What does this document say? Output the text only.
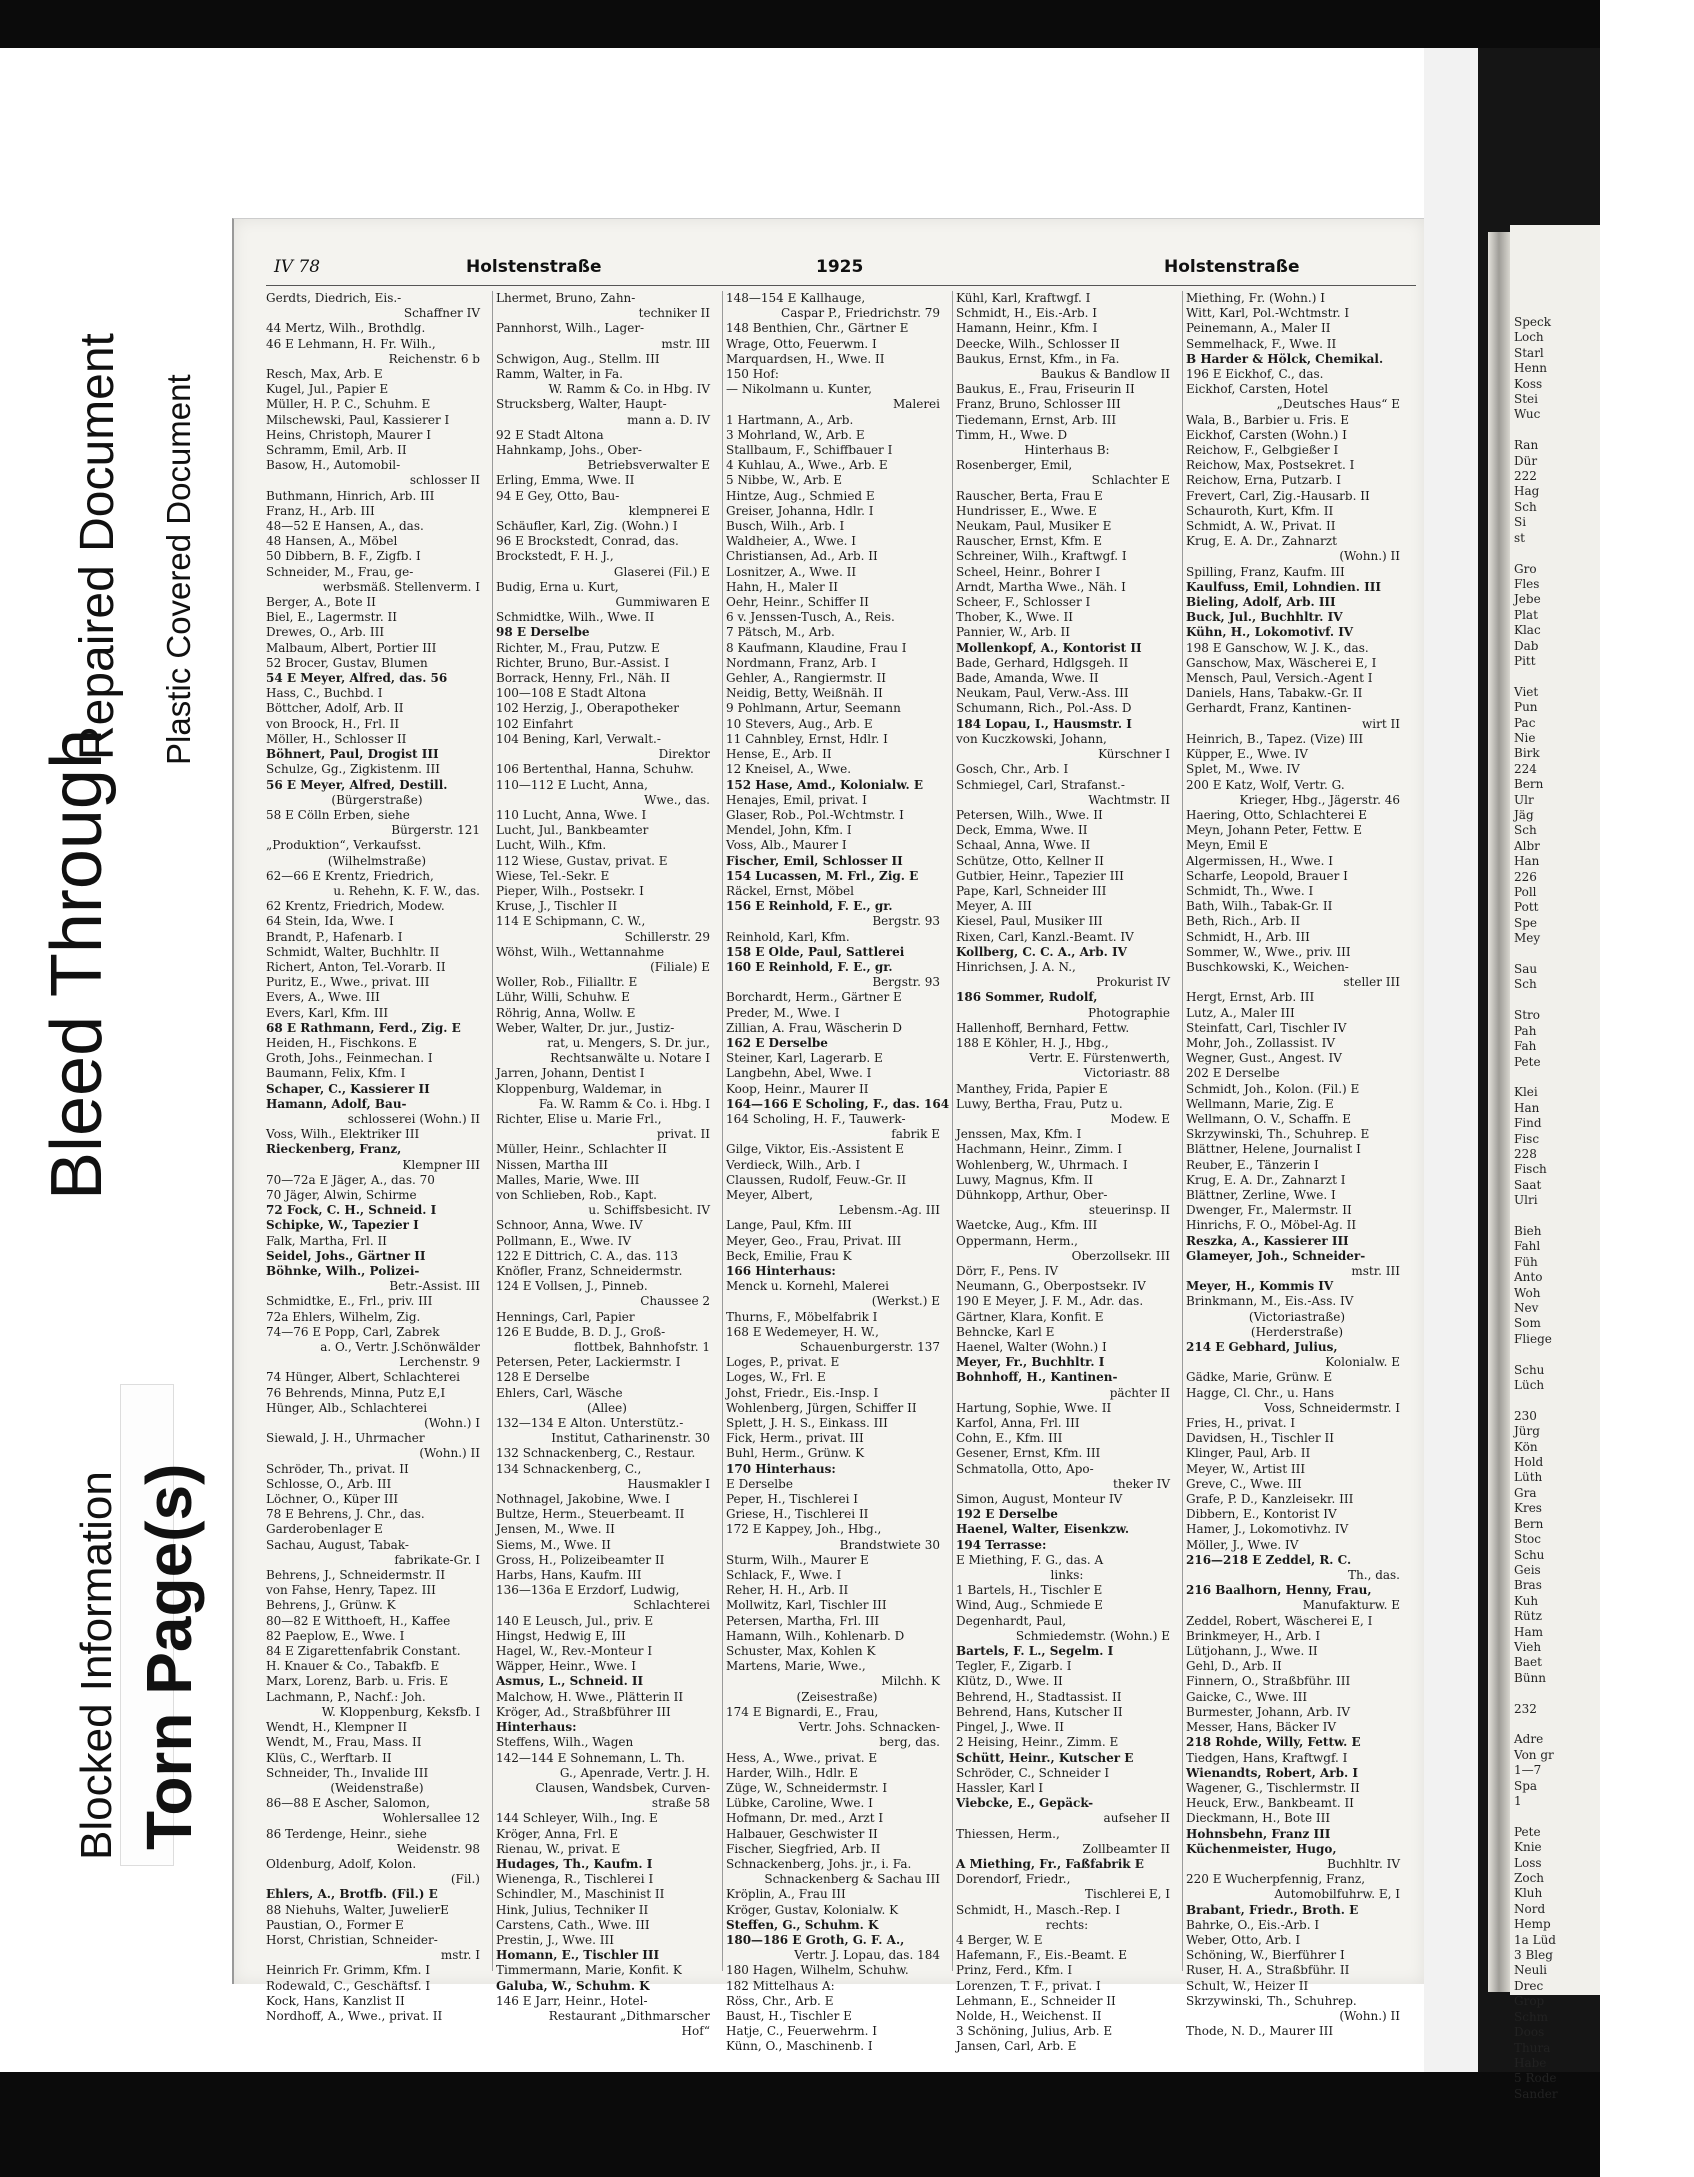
Plastic Covered Document
Repaired Document
Bleed Through
Blocked Information Torn Page(s)
IV 78	Holstenstraße	1925	Holstenstraße
Gerdts, Diedrich, Eis.-
Schaffner IV
44 Mertz, Wilh., Brothdlg.
46 E Lehmann, H. Fr. Wilh.,
Reichenstr. 6 b
Resch, Max, Arb. E
Kugel, Jul., Papier E
Müller, H. P. C., Schuhm. E
Milschewski, Paul, Kassierer I
Heins, Christoph, Maurer I
Schramm, Emil, Arb. II
Basow, H., Automobil-
schlosser II
Buthmann, Hinrich, Arb. III
Franz, H., Arb. III
48—52 E Hansen, A., das.
48 Hansen, A., Möbel
50 Dibbern, B. F., Zigfb. I
Schneider, M., Frau, ge-
werbsmäß. Stellenverm. I
Berger, A., Bote II
Biel, E., Lagermstr. II
Drewes, O., Arb. III
Malbaum, Albert, Portier III
52 Brocer, Gustav, Blumen
54 E Meyer, Alfred, das. 56
Hass, C., Buchbd. I
Böttcher, Adolf, Arb. II
von Broock, H., Frl. II
Möller, H., Schlosser II
Böhnert, Paul, Drogist III
Schulze, Gg., Zigkistenm. III
56 E Meyer, Alfred, Destill.
(Bürgerstraße)
58 E Cölln Erben, siehe
Bürgerstr. 121
„Produktion“, Verkaufsst.
(Wilhelmstraße)
62—66 E Krentz, Friedrich,
u. Rehehn, K. F. W., das.
62 Krentz, Friedrich, Modew.
64 Stein, Ida, Wwe. I
Brandt, P., Hafenarb. I
Schmidt, Walter, Buchhltr. II
Richert, Anton, Tel.-Vorarb. II
Puritz, E., Wwe., privat. III
Evers, A., Wwe. III
Evers, Karl, Kfm. III
68 E Rathmann, Ferd., Zig. E
Heiden, H., Fischkons. E
Groth, Johs., Feinmechan. I
Baumann, Felix, Kfm. I
Schaper, C., Kassierer II
Hamann, Adolf, Bau-
schlosserei (Wohn.) II
Voss, Wilh., Elektriker III
Rieckenberg, Franz,
Klempner III
70—72a E Jäger, A., das. 70
70 Jäger, Alwin, Schirme
72 Fock, C. H., Schneid. I
Schipke, W., Tapezier I
Falk, Martha, Frl. II
Seidel, Johs., Gärtner II
Böhnke, Wilh., Polizei-
Betr.-Assist. III
Schmidtke, E., Frl., priv. III
72a Ehlers, Wilhelm, Zig.
74—76 E Popp, Carl, Zabrek
a. O., Vertr. J.Schönwälder
Lerchenstr. 9
74 Hünger, Albert, Schlachterei
76 Behrends, Minna, Putz E,I
Hünger, Alb., Schlachterei
(Wohn.) I
Siewald, J. H., Uhrmacher
(Wohn.) II
Schröder, Th., privat. II
Schlosse, O., Arb. III
Löchner, O., Küper III
78 E Behrens, J. Chr., das.
Garderobenlager E
Sachau, August, Tabak-
fabrikate-Gr. I
Behrens, J., Schneidermstr. II
von Fahse, Henry, Tapez. III
Behrens, J., Grünw. K
80—82 E Witthoeft, H., Kaffee
82 Paeplow, E., Wwe. I
84 E Zigarettenfabrik Constant.
H. Knauer & Co., Tabakfb. E
Marx, Lorenz, Barb. u. Fris. E
Lachmann, P., Nachf.: Joh.
W. Kloppenburg, Keksfb. I
Wendt, H., Klempner II
Wendt, M., Frau, Mass. II
Klüs, C., Werftarb. II
Schneider, Th., Invalide III
(Weidenstraße)
86—88 E Ascher, Salomon,
Wohlersallee 12
86 Terdenge, Heinr., siehe
Weidenstr. 98
Oldenburg, Adolf, Kolon.
(Fil.)
Ehlers, A., Brotfb. (Fil.) E
88 Niehuhs, Walter, JuwelierE
Paustian, O., Former E
Horst, Christian, Schneider-
mstr. I
Heinrich Fr. Grimm, Kfm. I
Rodewald, C., Geschäftsf. I
Kock, Hans, Kanzlist II
Nordhoff, A., Wwe., privat. II
Lhermet, Bruno, Zahn-
techniker II
Pannhorst, Wilh., Lager-
mstr. III
Schwigon, Aug., Stellm. III
Ramm, Walter, in Fa.
W. Ramm & Co. in Hbg. IV
Strucksberg, Walter, Haupt-
mann a. D. IV
92 E Stadt Altona
Hahnkamp, Johs., Ober-
Betriebsverwalter E
Erling, Emma, Wwe. II
94 E Gey, Otto, Bau-
klempnerei E
Schäufler, Karl, Zig. (Wohn.) I
96 E Brockstedt, Conrad, das.
Brockstedt, F. H. J.,
Glaserei (Fil.) E
Budig, Erna u. Kurt,
Gummiwaren E
Schmidtke, Wilh., Wwe. II
98 E Derselbe
Richter, M., Frau, Putzw. E
Richter, Bruno, Bur.-Assist. I
Borrack, Henny, Frl., Näh. II
100—108 E Stadt Altona
102 Herzig, J., Oberapotheker
102 Einfahrt
104 Bening, Karl, Verwalt.-
Direktor
106 Bertenthal, Hanna, Schuhw.
110—112 E Lucht, Anna,
Wwe., das.
110 Lucht, Anna, Wwe. I
Lucht, Jul., Bankbeamter
Lucht, Wilh., Kfm.
112 Wiese, Gustav, privat. E
Wiese, Tel.-Sekr. E
Pieper, Wilh., Postsekr. I
Kruse, J., Tischler II
114 E Schipmann, C. W.,
Schillerstr. 29
Wöhst, Wilh., Wettannahme
(Filiale) E
Woller, Rob., Filialltr. E
Lühr, Willi, Schuhw. E
Röhrig, Anna, Wollw. E
Weber, Walter, Dr. jur., Justiz-
rat, u. Mengers, S. Dr. jur.,
Rechtsanwälte u. Notare I
Jarren, Johann, Dentist I
Kloppenburg, Waldemar, in
Fa. W. Ramm & Co. i. Hbg. I
Richter, Elise u. Marie Frl.,
privat. II
Müller, Heinr., Schlachter II
Nissen, Martha III
Malles, Marie, Wwe. III
von Schlieben, Rob., Kapt.
u. Schiffsbesicht. IV
Schnoor, Anna, Wwe. IV
Pollmann, E., Wwe. IV
122 E Dittrich, C. A., das. 113
Knöfler, Franz, Schneidermstr.
124 E Vollsen, J., Pinneb.
Chaussee 2
Hennings, Carl, Papier
126 E Budde, B. D. J., Groß-
flottbek, Bahnhofstr. 1
Petersen, Peter, Lackiermstr. I
128 E Derselbe
Ehlers, Carl, Wäsche
(Allee)
132—134 E Alton. Unterstütz.-
Institut, Catharinenstr. 30
132 Schnackenberg, C., Restaur.
134 Schnackenberg, C.,
Hausmakler I
Nothnagel, Jakobine, Wwe. I
Bultze, Herm., Steuerbeamt. II
Jensen, M., Wwe. II
Siems, M., Wwe. II
Gross, H., Polizeibeamter II
Harbs, Hans, Kaufm. III
136—136a E Erzdorf, Ludwig,
Schlachterei
140 E Leusch, Jul., priv. E
Hingst, Hedwig E, III
Hagel, W., Rev.-Monteur I
Wäpper, Heinr., Wwe. I
Asmus, L., Schneid. II
Malchow, H. Wwe., Plätterin II
Kröger, Ad., Straßbführer III
Hinterhaus:
Steffens, Wilh., Wagen
142—144 E Sohnemann, L. Th.
G., Apenrade, Vertr. J. H.
Clausen, Wandsbek, Curven-
straße 58
144 Schleyer, Wilh., Ing. E
Kröger, Anna, Frl. E
Rienau, W., privat. E
Hudages, Th., Kaufm. I
Wienenga, R., Tischlerei I
Schindler, M., Maschinist II
Hink, Julius, Techniker II
Carstens, Cath., Wwe. III
Prestin, J., Wwe. III
Homann, E., Tischler III
Timmermann, Marie, Konfit. K
Galuba, W., Schuhm. K
146 E Jarr, Heinr., Hotel-
Restaurant „Dithmarscher
Hof“
148—154 E Kallhauge,
Caspar P., Friedrichstr. 79
148 Benthien, Chr., Gärtner E
Wrage, Otto, Feuerwm. I
Marquardsen, H., Wwe. II
150 Hof:
— Nikolmann u. Kunter,
Malerei
1 Hartmann, A., Arb.
3 Mohrland, W., Arb. E
Stallbaum, F., Schiffbauer I
4 Kuhlau, A., Wwe., Arb. E
5 Nibbe, W., Arb. E
Hintze, Aug., Schmied E
Greiser, Johanna, Hdlr. I
Busch, Wilh., Arb. I
Waldheier, A., Wwe. I
Christiansen, Ad., Arb. II
Losnitzer, A., Wwe. II
Hahn, H., Maler II
Oehr, Heinr., Schiffer II
6 v. Jenssen-Tusch, A., Reis.
7 Pätsch, M., Arb.
8 Kaufmann, Klaudine, Frau I
Nordmann, Franz, Arb. I
Gehler, A., Rangiermstr. II
Neidig, Betty, Weißnäh. II
9 Pohlmann, Artur, Seemann
10 Stevers, Aug., Arb. E
11 Cahnbley, Ernst, Hdlr. I
Hense, E., Arb. II
12 Kneisel, A., Wwe.
152 Hase, Amd., Kolonialw. E
Henajes, Emil, privat. I
Glaser, Rob., Pol.-Wchtmstr. I
Mendel, John, Kfm. I
Voss, Alb., Maurer I
Fischer, Emil, Schlosser II
154 Lucassen, M. Frl., Zig. E
Räckel, Ernst, Möbel
156 E Reinhold, F. E., gr.
Bergstr. 93
Reinhold, Karl, Kfm.
158 E Olde, Paul, Sattlerei
160 E Reinhold, F. E., gr.
Bergstr. 93
Borchardt, Herm., Gärtner E
Preder, M., Wwe. I
Zillian, A. Frau, Wäscherin D
162 E Derselbe
Steiner, Karl, Lagerarb. E
Langbehn, Abel, Wwe. I
Koop, Heinr., Maurer II
164—166 E Scholing, F., das. 164
164 Scholing, H. F., Tauwerk-
fabrik E
Gilge, Viktor, Eis.-Assistent E
Verdieck, Wilh., Arb. I
Claussen, Rudolf, Feuw.-Gr. II
Meyer, Albert,
Lebensm.-Ag. III
Lange, Paul, Kfm. III
Meyer, Geo., Frau, Privat. III
Beck, Emilie, Frau K
166 Hinterhaus:
Menck u. Kornehl, Malerei
(Werkst.) E
Thurns, F., Möbelfabrik I
168 E Wedemeyer, H. W.,
Schauenburgerstr. 137
Loges, P., privat. E
Loges, W., Frl. E
Johst, Friedr., Eis.-Insp. I
Wohlenberg, Jürgen, Schiffer II
Splett, J. H. S., Einkass. III
Fick, Herm., privat. III
Buhl, Herm., Grünw. K
170 Hinterhaus:
E Derselbe
Peper, H., Tischlerei I
Griese, H., Tischlerei II
172 E Kappey, Joh., Hbg.,
Brandstwiete 30
Sturm, Wilh., Maurer E
Schlack, F., Wwe. I
Reher, H. H., Arb. II
Mollwitz, Karl, Tischler III
Petersen, Martha, Frl. III
Hamann, Wilh., Kohlenarb. D
Schuster, Max, Kohlen K
Martens, Marie, Wwe.,
Milchh. K
(Zeisestraße)
174 E Bignardi, E., Frau,
Vertr. Johs. Schnacken-
berg, das.
Hess, A., Wwe., privat. E
Harder, Wilh., Hdlr. E
Züge, W., Schneidermstr. I
Lübke, Caroline, Wwe. I
Hofmann, Dr. med., Arzt I
Halbauer, Geschwister II
Fischer, Siegfried, Arb. II
Schnackenberg, Johs. jr., i. Fa.
Schnackenberg & Sachau III
Kröplin, A., Frau III
Kröger, Gustav, Kolonialw. K
Steffen, G., Schuhm. K
180—186 E Groth, G. F. A.,
Vertr. J. Lopau, das. 184
180 Hagen, Wilhelm, Schuhw.
182 Mittelhaus A:
Röss, Chr., Arb. E
Baust, H., Tischler E
Hatje, C., Feuerwehrm. I
Künn, O., Maschinenb. I
Kühl, Karl, Kraftwgf. I
Schmidt, H., Eis.-Arb. I
Hamann, Heinr., Kfm. I
Deecke, Wilh., Schlosser II
Baukus, Ernst, Kfm., in Fa.
Baukus & Bandlow II
Baukus, E., Frau, Friseurin II
Franz, Bruno, Schlosser III
Tiedemann, Ernst, Arb. III
Timm, H., Wwe. D
Hinterhaus B:
Rosenberger, Emil,
Schlachter E
Rauscher, Berta, Frau E
Hundrisser, E., Wwe. E
Neukam, Paul, Musiker E
Rauscher, Ernst, Kfm. E
Schreiner, Wilh., Kraftwgf. I
Scheel, Heinr., Bohrer I
Arndt, Martha Wwe., Näh. I
Scheer, F., Schlosser I
Thober, K., Wwe. II
Pannier, W., Arb. II
Mollenkopf, A., Kontorist II
Bade, Gerhard, Hdlgsgeh. II
Bade, Amanda, Wwe. II
Neukam, Paul, Verw.-Ass. III
Schumann, Rich., Pol.-Ass. D
184 Lopau, I., Hausmstr. I
von Kuczkowski, Johann,
Kürschner I
Gosch, Chr., Arb. I
Schmiegel, Carl, Strafanst.-
Wachtmstr. II
Petersen, Wilh., Wwe. II
Deck, Emma, Wwe. II
Schaal, Anna, Wwe. II
Schütze, Otto, Kellner II
Gutbier, Heinr., Tapezier III
Pape, Karl, Schneider III
Meyer, A. III
Kiesel, Paul, Musiker III
Rixen, Carl, Kanzl.-Beamt. IV
Kollberg, C. C. A., Arb. IV
Hinrichsen, J. A. N.,
Prokurist IV
186 Sommer, Rudolf,
Photographie
Hallenhoff, Bernhard, Fettw.
188 E Köhler, H. J., Hbg.,
Vertr. E. Fürstenwerth,
Victoriastr. 88
Manthey, Frida, Papier E
Luwy, Bertha, Frau, Putz u.
Modew. E
Jenssen, Max, Kfm. I
Hachmann, Heinr., Zimm. I
Wohlenberg, W., Uhrmach. I
Luwy, Magnus, Kfm. II
Dühnkopp, Arthur, Ober-
steuerinsp. II
Waetcke, Aug., Kfm. III
Oppermann, Herm.,
Oberzollsekr. III
Dörr, F., Pens. IV
Neumann, G., Oberpostsekr. IV
190 E Meyer, J. F. M., Adr. das.
Gärtner, Klara, Konfit. E
Behncke, Karl E
Haenel, Walter (Wohn.) I
Meyer, Fr., Buchhltr. I
Bohnhoff, H., Kantinen-
pächter II
Hartung, Sophie, Wwe. II
Karfol, Anna, Frl. III
Cohn, E., Kfm. III
Gesener, Ernst, Kfm. III
Schmatolla, Otto, Apo-
theker IV
Simon, August, Monteur IV
192 E Derselbe
Haenel, Walter, Eisenkzw.
194 Terrasse:
E Miething, F. G., das. A
links:
1 Bartels, H., Tischler E
Wind, Aug., Schmiede E
Degenhardt, Paul,
Schmiedemstr. (Wohn.) E
Bartels, F. L., Segelm. I
Tegler, F., Zigarb. I
Klütz, D., Wwe. II
Behrend, H., Stadtassist. II
Behrend, Hans, Kutscher II
Pingel, J., Wwe. II
2 Heising, Heinr., Zimm. E
Schütt, Heinr., Kutscher E
Schröder, C., Schneider I
Hassler, Karl I
Viebcke, E., Gepäck-
aufseher II
Thiessen, Herm.,
Zollbeamter II
A Miething, Fr., Faßfabrik E
Dorendorf, Friedr.,
Tischlerei E, I
Schmidt, H., Masch.-Rep. I
rechts:
4 Berger, W. E
Hafemann, F., Eis.-Beamt. E
Prinz, Ferd., Kfm. I
Lorenzen, T. F., privat. I
Lehmann, E., Schneider II
Nolde, H., Weichenst. II
3 Schöning, Julius, Arb. E
Jansen, Carl, Arb. E
Miething, Fr. (Wohn.) I
Witt, Karl, Pol.-Wchtmstr. I
Peinemann, A., Maler II
Semmelhack, F., Wwe. II
B Harder & Hölck, Chemikal.
196 E Eickhof, C., das.
Eickhof, Carsten, Hotel
„Deutsches Haus“ E
Wala, B., Barbier u. Fris. E
Eickhof, Carsten (Wohn.) I
Reichow, F., Gelbgießer I
Reichow, Max, Postsekret. I
Reichow, Erna, Putzarb. I
Frevert, Carl, Zig.-Hausarb. II
Schauroth, Kurt, Kfm. II
Schmidt, A. W., Privat. II
Krug, E. A. Dr., Zahnarzt
(Wohn.) II
Spilling, Franz, Kaufm. III
Kaulfuss, Emil, Lohndien. III
Bieling, Adolf, Arb. III
Buck, Jul., Buchhltr. IV
Kühn, H., Lokomotivf. IV
198 E Ganschow, W. J. K., das.
Ganschow, Max, Wäscherei E, I
Mensch, Paul, Versich.-Agent I
Daniels, Hans, Tabakw.-Gr. II
Gerhardt, Franz, Kantinen-
wirt II
Heinrich, B., Tapez. (Vize) III
Küpper, E., Wwe. IV
Splet, M., Wwe. IV
200 E Katz, Wolf, Vertr. G.
Krieger, Hbg., Jägerstr. 46
Haering, Otto, Schlachterei E
Meyn, Johann Peter, Fettw. E
Meyn, Emil E
Algermissen, H., Wwe. I
Scharfe, Leopold, Brauer I
Schmidt, Th., Wwe. I
Bath, Wilh., Tabak-Gr. II
Beth, Rich., Arb. II
Schmidt, H., Arb. III
Sommer, W., Wwe., priv. III
Buschkowski, K., Weichen-
steller III
Hergt, Ernst, Arb. III
Lutz, A., Maler III
Steinfatt, Carl, Tischler IV
Mohr, Joh., Zollassist. IV
Wegner, Gust., Angest. IV
202 E Derselbe
Schmidt, Joh., Kolon. (Fil.) E
Wellmann, Marie, Zig. E
Wellmann, O. V., Schaffn. E
Skrzywinski, Th., Schuhrep. E
Blättner, Helene, Journalist I
Reuber, E., Tänzerin I
Krug, E. A. Dr., Zahnarzt I
Blättner, Zerline, Wwe. I
Dwenger, Fr., Malermstr. II
Hinrichs, F. O., Möbel-Ag. II
Reszka, A., Kassierer III
Glameyer, Joh., Schneider-
mstr. III
Meyer, H., Kommis IV
Brinkmann, M., Eis.-Ass. IV
(Victoriastraße)
(Herderstraße)
214 E Gebhard, Julius,
Kolonialw. E
Gädke, Marie, Grünw. E
Hagge, Cl. Chr., u. Hans
Voss, Schneidermstr. I
Fries, H., privat. I
Davidsen, H., Tischler II
Klinger, Paul, Arb. II
Meyer, W., Artist III
Greve, C., Wwe. III
Grafe, P. D., Kanzleisekr. III
Dibbern, E., Kontorist IV
Hamer, J., Lokomotivhz. IV
Möller, J., Wwe. IV
216—218 E Zeddel, R. C.
Th., das.
216 Baalhorn, Henny, Frau,
Manufakturw. E
Zeddel, Robert, Wäscherei E, I
Brinkmeyer, H., Arb. I
Lütjohann, J., Wwe. II
Gehl, D., Arb. II
Finnern, O., Straßbführ. III
Gaicke, C., Wwe. III
Burmester, Johann, Arb. IV
Messer, Hans, Bäcker IV
218 Rohde, Willy, Fettw. E
Tiedgen, Hans, Kraftwgf. I
Wienandts, Robert, Arb. I
Wagener, G., Tischlermstr. II
Heuck, Erw., Bankbeamt. II
Dieckmann, H., Bote III
Hohnsbehn, Franz III
Küchenmeister, Hugo,
Buchhltr. IV
220 E Wucherpfennig, Franz,
Automobilfuhrw. E, I
Brabant, Friedr., Broth. E
Bahrke, O., Eis.-Arb. I
Weber, Otto, Arb. I
Schöning, W., Bierführer I
Ruser, H. A., Straßbführ. II
Schult, W., Heizer II
Skrzywinski, Th., Schuhrep.
(Wohn.) II
Thode, N. D., Maurer III
Speck
Loch
Starl
Henn
Koss
Stei
Wuc

Ran
Dür
222
Hag
Sch
Si
st

Gro
Fles
Jebe
Plat
Klac
Dab
Pitt

Viet
Pun
Pac
Nie
Birk
224
Bern
Ulr
Jäg
Sch
Albr
Han
226
Poll
Pott
Spe
Mey

Sau
Sch

Stro
Pah
Fah
Pete

Klei
Han
Find
Fisc
228
Fisch
Saat
Ulri

Bieh
Fahl
Füh
Anto
Woh
Nev
Som
Fliege

Schu
Lüch

230
Jürg
Kön
Hold
Lüth
Gra
Kres
Bern
Stoc
Schu
Geis
Bras
Kuh
Rütz
Ham
Vieh
Baet
Bünn

232

Adre
Von gr
1—7
Spa
1

Pete
Knie
Loss
Zoch
Kluh
Nord
Hemp
1a Lüd
3 Bleg
Neuli
Drec
Grop
Schm
Doos
Thura
Habe
5 Rode
Sander
